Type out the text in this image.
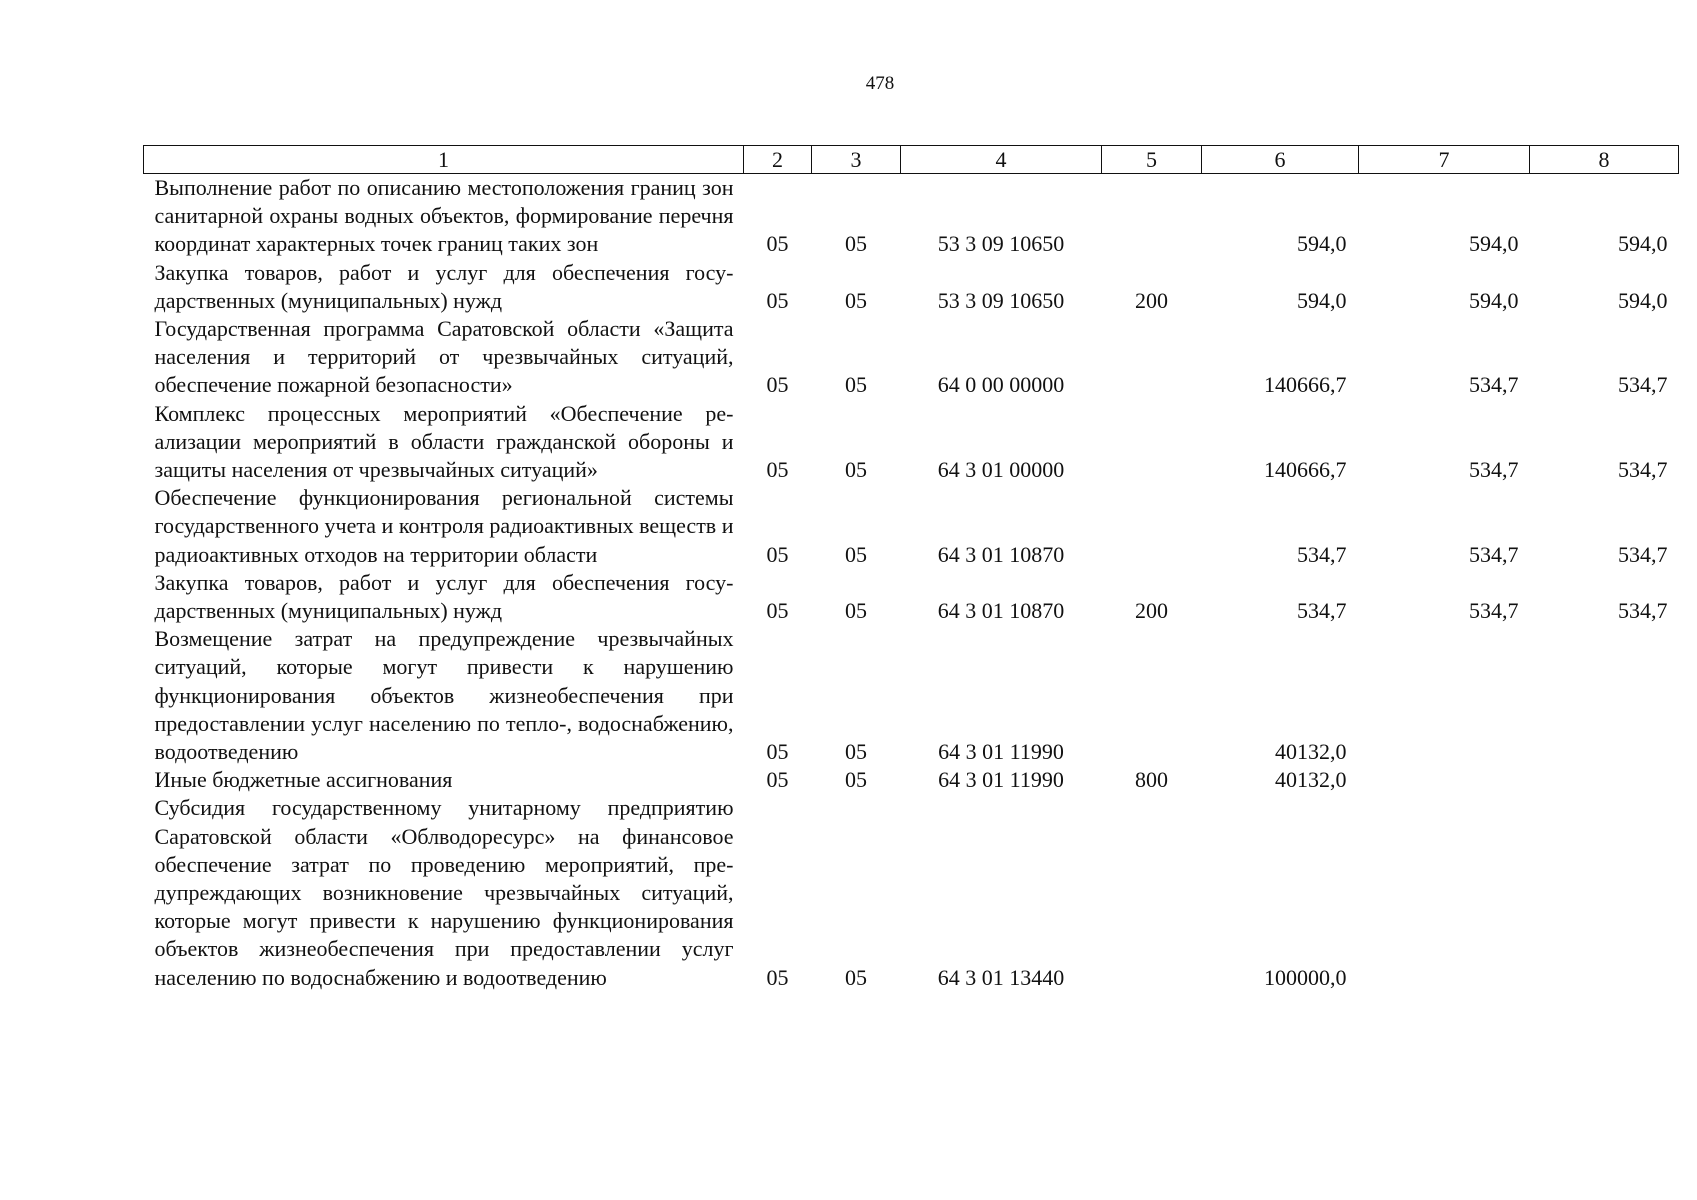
478
1	2	3	4	5	6	7	8
Выполнение работ по описанию местоположения границ зон санитарной охраны водных объектов, формирование перечня координат характерных точек границ таких зон	05	05	53 3 09 10650		594,0	594,0	594,0
Закупка товаров, работ и услуг для обеспечения государственных (муниципальных) нужд	05	05	53 3 09 10650	200	594,0	594,0	594,0
Государственная программа Саратовской области «Защита населения и территорий от чрезвычайных ситуаций, обеспечение пожарной безопасности»	05	05	64 0 00 00000		140666,7	534,7	534,7
Комплекс процессных мероприятий «Обеспечение реализации мероприятий в области гражданской обороны и защиты населения от чрезвычайных ситуаций»	05	05	64 3 01 00000		140666,7	534,7	534,7
Обеспечение функционирования региональной системы государственного учета и контроля радиоактивных веществ и радиоактивных отходов на территории области	05	05	64 3 01 10870		534,7	534,7	534,7
Закупка товаров, работ и услуг для обеспечения государственных (муниципальных) нужд	05	05	64 3 01 10870	200	534,7	534,7	534,7
Возмещение затрат на предупреждение чрезвычайных ситуаций, которые могут привести к нарушению функционирования объектов жизнеобеспечения при предоставлении услуг населению по тепло-, водоснабжению, водоотведению	05	05	64 3 01 11990		40132,0		
Иные бюджетные ассигнования	05	05	64 3 01 11990	800	40132,0		
Субсидия государственному унитарному предприятию Саратовской области «Облводоресурс» на финансовое обеспечение затрат по проведению мероприятий, предупреждающих возникновение чрезвычайных ситуаций, которые могут привести к нарушению функционирования объектов жизнеобеспечения при предоставлении услуг населению по водоснабжению и водоотведению	05	05	64 3 01 13440		100000,0		
